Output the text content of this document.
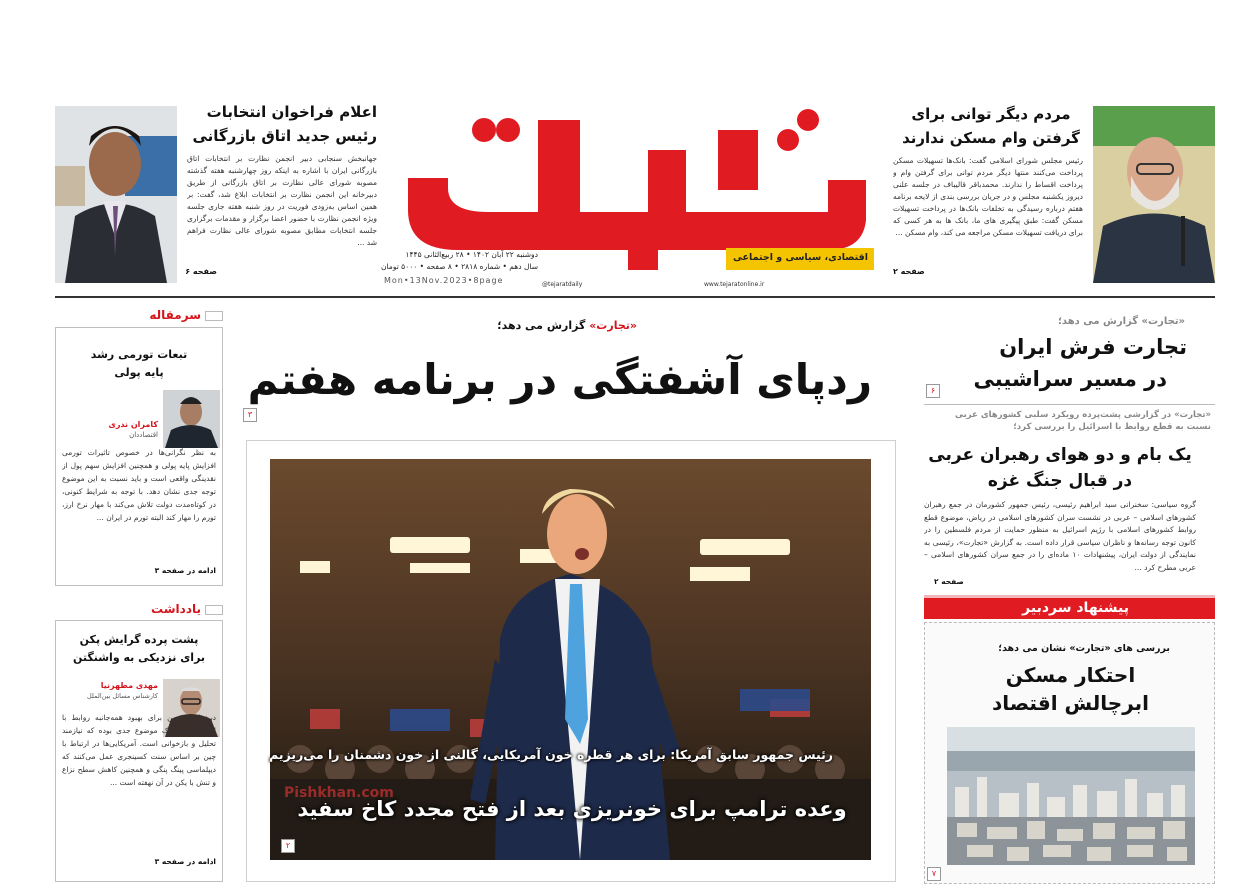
اعلام فراخوان انتخابات
رئیس جدید اتاق بازرگانی
جهانبخش سنجابی دبیر انجمن نظارت بر انتخابات اتاق بازرگانی ایران با اشاره به اینکه روز چهارشنبه هفته گذشته مصوبه شورای عالی نظارت بر اتاق بازرگانی از طریق دبیرخانه این انجمن نظارت بر انتخابات ابلاغ شد، گفت: بر همین اساس به‌زودی فوریت در روز شنبه هفته جاری جلسه ویژه انجمن نظارت با حضور اعضا برگزار و مقدمات برگزاری جلسه انتخابات مطابق مصوبه شورای عالی نظارت فراهم شد ...
صفحه ۶
اقتصادی، سیاسی و اجتماعی
دوشنبه ۲۲ آبان ۱۴۰۲ • ۲۸ ربیع‌الثانی ۱۴۴۵
سال دهم • شماره ۲۸۱۸ • ۸ صفحه • ۵۰۰۰ تومان
Mon•13Nov.2023•8page	www.tejaratonline.ir
@tejaratdaily
مردم دیگر توانی برای
گرفتن وام مسکن ندارند
رئیس مجلس شورای اسلامی گفت: بانک‌ها تسهیلات مسکن پرداخت می‌کنند منتها دیگر مردم توانی برای گرفتن وام و پرداخت اقساط را ندارند. محمدباقر قالیباف در جلسه علنی دیروز یکشنبه مجلس و در جریان بررسی بندی از لایحه برنامه هفتم درباره رسیدگی به تخلفات بانک‌ها در پرداخت تسهیلات مسکن گفت: طبق پیگیری های ما، بانک ها به هر کسی که برای دریافت تسهیلات مسکن مراجعه می کند، وام مسکن ...
صفحه ۲
سرمقاله
تبعات تورمی رشد
پایه پولی
کامران ندری
اقتصاددان
به نظر نگرانی‌ها در خصوص تاثیرات تورمی افزایش پایه پولی و همچنین افزایش سهم پول از نقدینگی واقعی است و باید نسبت به این موضوع توجه جدی نشان دهد. با توجه به شرایط کنونی، در کوتاه‌مدت دولت تلاش می‌کند با مهار نرخ ارز، تورم را مهار کند البته تورم در ایران ...
ادامه در صفحه ۳
یادداشت
پشت پرده گرایش پکن
برای نزدیکی به واشنگتن
مهدی مطهرنیا
کارشناس مسائل بین‌الملل
درخواست چین برای بهبود همه‌جانبه روابط با ایالات متحده یک موضوع جدی بوده که نیازمند تحلیل و بازخوانی است. آمریکایی‌ها در ارتباط با چین بر اساس سنت کسینجری عمل می‌کنند که دیپلماسی پینگ پنگی و همچنین کاهش سطح نزاع و تنش با یکن در آن نهفته است ...
ادامه در صفحه ۳
«تجارت» گزارش می دهد؛
ردپای آشفتگی در برنامه هفتم
۳
Pishkhan.com
رئیس جمهور سابق آمریکا: برای هر قطره خون آمریکایی، گالنی از خون دشمنان را می‌ریزیم
وعده ترامپ برای خونریزی بعد از فتح مجدد کاخ سفید
۲
«تجارت» گزارش می دهد؛
تجارت فرش ایران
در مسیر سراشیبی
۶
«تجارت» در گزارشی پشت‌پرده رویکرد سلبی کشورهای عربی نسبت به قطع روابط با اسرائیل را بررسی کرد؛
یک بام و دو هوای رهبران عربی
در قبال جنگ غزه
گروه سیاسی: سخنرانی سید ابراهیم رئیسی، رئیس جمهور کشورمان در جمع رهبران کشورهای اسلامی – عربی در نشست سران کشورهای اسلامی در ریاض، موضوع قطع روابط کشورهای اسلامی با رژیم اسرائیل به منظور حمایت از مردم فلسطین را در کانون توجه رسانه‌ها و ناظران سیاسی قرار داده است. به گزارش «تجارت»، رئیسی به نمایندگی از دولت ایران، پیشنهادات ۱۰ ماده‌ای را در جمع سران کشورهای اسلامی – عربی مطرح کرد ...
صفحه ۲
پیشنهاد سردبیر
بررسی های «تجارت» نشان می دهد؛
احتکار مسکن
ابرچالش اقتصاد
۷
